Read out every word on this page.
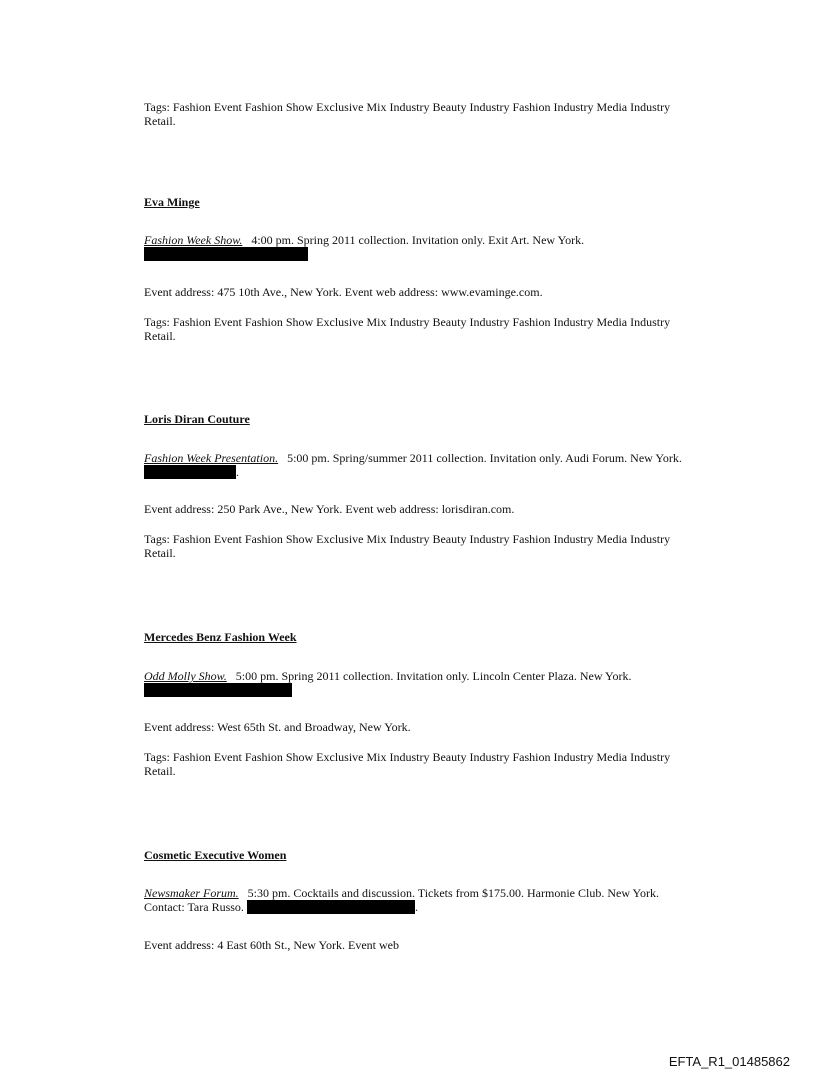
Tags: Fashion Event Fashion Show Exclusive Mix Industry Beauty Industry Fashion Industry Media Industry Retail.
Eva Minge
Fashion Week Show. 4:00 pm. Spring 2011 collection. Invitation only. Exit Art. New York.
Event address: 475 10th Ave., New York. Event web address: www.evaminge.com.
Tags: Fashion Event Fashion Show Exclusive Mix Industry Beauty Industry Fashion Industry Media Industry Retail.
Loris Diran Couture
Fashion Week Presentation. 5:00 pm. Spring/summer 2011 collection. Invitation only. Audi Forum. New York. .
Event address: 250 Park Ave., New York. Event web address: lorisdiran.com.
Tags: Fashion Event Fashion Show Exclusive Mix Industry Beauty Industry Fashion Industry Media Industry Retail.
Mercedes Benz Fashion Week
Odd Molly Show. 5:00 pm. Spring 2011 collection. Invitation only. Lincoln Center Plaza. New York.
Event address: West 65th St. and Broadway, New York.
Tags: Fashion Event Fashion Show Exclusive Mix Industry Beauty Industry Fashion Industry Media Industry Retail.
Cosmetic Executive Women
Newsmaker Forum. 5:30 pm. Cocktails and discussion. Tickets from $175.00. Harmonie Club. New York. Contact: Tara Russo.	.
Event address: 4 East 60th St., New York. Event web
EFTA_R1_01485862
